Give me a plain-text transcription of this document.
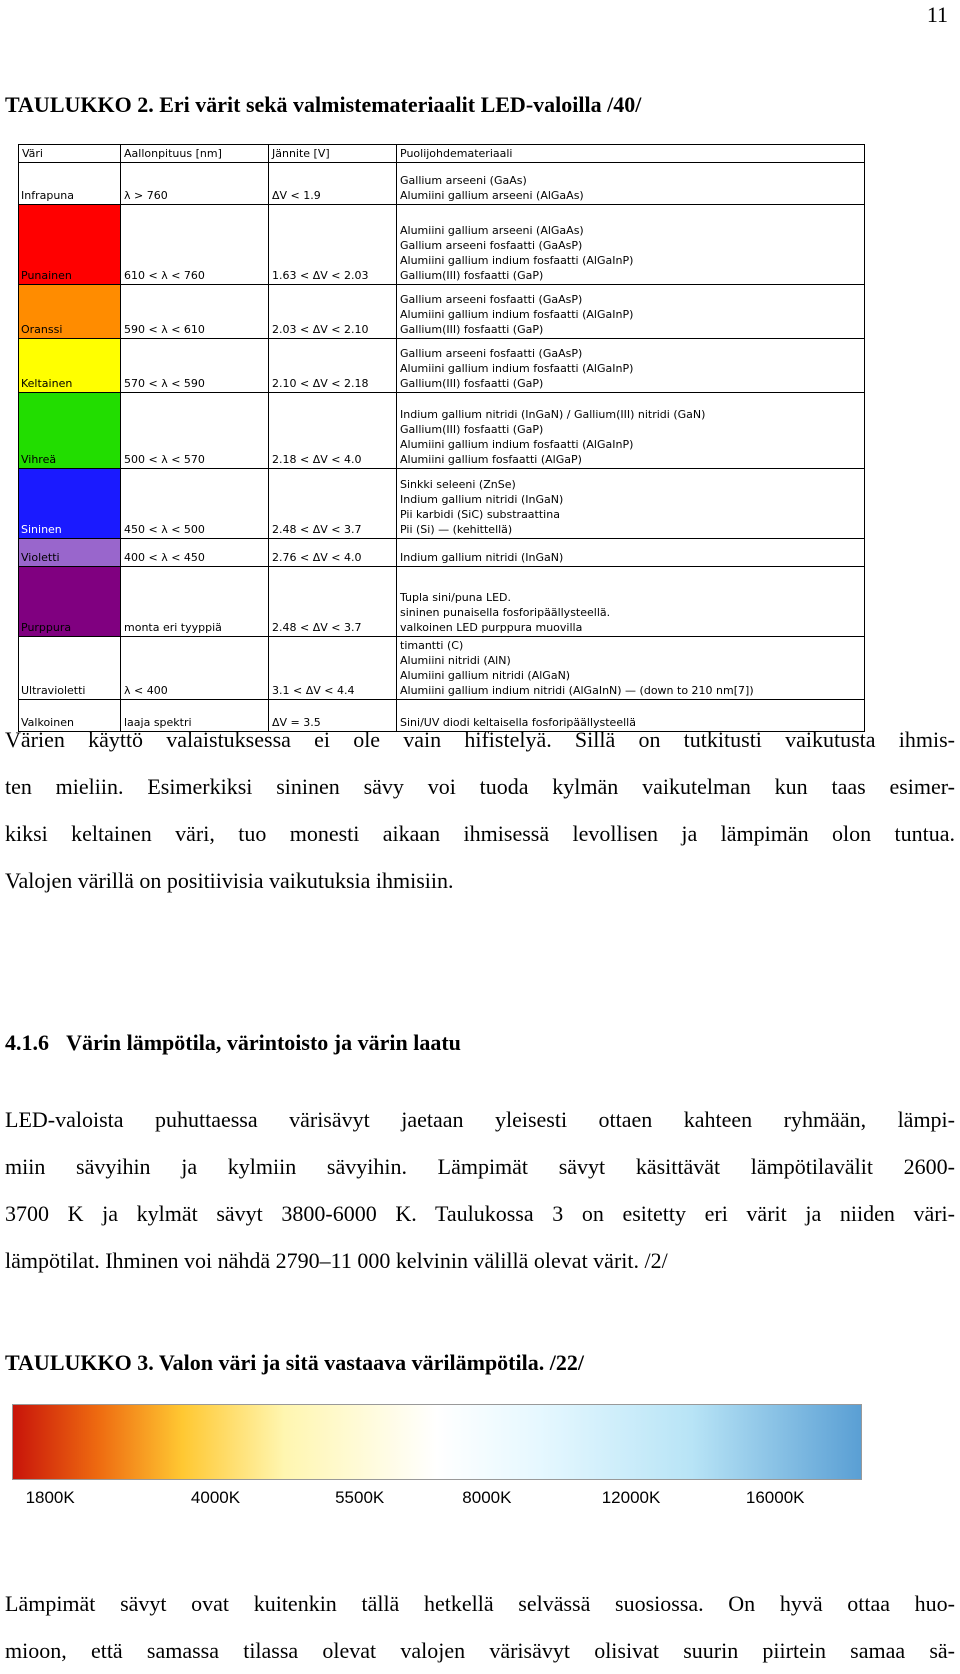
11
TAULUKKO 2. Eri värit sekä valmistemateriaalit LED-valoilla /40/
Väri	Aallonpituus [nm]	Jännite [V]	Puolijohdemateriaali

Infrapuna	λ > 760	ΔV < 1.9	Gallium arseeni (GaAs)
Alumiini gallium arseeni (AlGaAs)

Punainen	610 < λ < 760	1.63 < ΔV < 2.03	Alumiini gallium arseeni (AlGaAs)
Gallium arseeni fosfaatti (GaAsP)
Alumiini gallium indium fosfaatti (AlGaInP)
Gallium(III) fosfaatti (GaP)

Oranssi	590 < λ < 610	2.03 < ΔV < 2.10	Gallium arseeni fosfaatti (GaAsP)
Alumiini gallium indium fosfaatti (AlGaInP)
Gallium(III) fosfaatti (GaP)

Keltainen	570 < λ < 590	2.10 < ΔV < 2.18	Gallium arseeni fosfaatti (GaAsP)
Alumiini gallium indium fosfaatti (AlGaInP)
Gallium(III) fosfaatti (GaP)

Vihreä	500 < λ < 570	2.18 < ΔV < 4.0	Indium gallium nitridi (InGaN) / Gallium(III) nitridi (GaN)
Gallium(III) fosfaatti (GaP)
Alumiini gallium indium fosfaatti (AlGaInP)
Alumiini gallium fosfaatti (AlGaP)

Sininen	450 < λ < 500	2.48 < ΔV < 3.7	Sinkki seleeni (ZnSe)
Indium gallium nitridi (InGaN)
Pii karbidi (SiC) substraattina
Pii (Si) — (kehittellä)

Violetti	400 < λ < 450	2.76 < ΔV < 4.0	Indium gallium nitridi (InGaN)

Purppura	monta eri tyyppiä	2.48 < ΔV < 3.7	Tupla sini/puna LED.
sininen punaisella fosforipäällysteellä.
valkoinen LED purppura muovilla

Ultravioletti	λ < 400	3.1 < ΔV < 4.4	timantti (C)
Alumiini nitridi (AlN)
Alumiini gallium nitridi (AlGaN)
Alumiini gallium indium nitridi (AlGaInN) — (down to 210 nm[7])

Valkoinen	laaja spektri	ΔV = 3.5	Sini/UV diodi keltaisella fosforipäällysteellä
Värien käyttö valaistuksessa ei ole vain hifistelyä. Sillä on tutkitusti vaikutusta ihmis-
ten mieliin. Esimerkiksi sininen sävy voi tuoda kylmän vaikutelman kun taas esimer-
kiksi keltainen väri, tuo monesti aikaan ihmisessä levollisen ja lämpimän olon tuntua.
Valojen värillä on positiivisia vaikutuksia ihmisiin.
4.1.6 Värin lämpötila, värintoisto ja värin laatu
LED-valoista puhuttaessa värisävyt jaetaan yleisesti ottaen kahteen ryhmään, lämpi-
miin sävyihin ja kylmiin sävyihin. Lämpimät sävyt käsittävät lämpötilavälit 2600-
3700 K ja kylmät sävyt 3800-6000 K. Taulukossa 3 on esitetty eri värit ja niiden väri-
lämpötilat. Ihminen voi nähdä 2790–11 000 kelvinin välillä olevat värit. /2/
TAULUKKO 3. Valon väri ja sitä vastaava värilämpötila. /22/
1800K	4000K	5500K	8000K	12000K	16000K
Lämpimät sävyt ovat kuitenkin tällä hetkellä selvässä suosiossa. On hyvä ottaa huo-
mioon, että samassa tilassa olevat valojen värisävyt olisivat suurin piirtein samaa sä-
